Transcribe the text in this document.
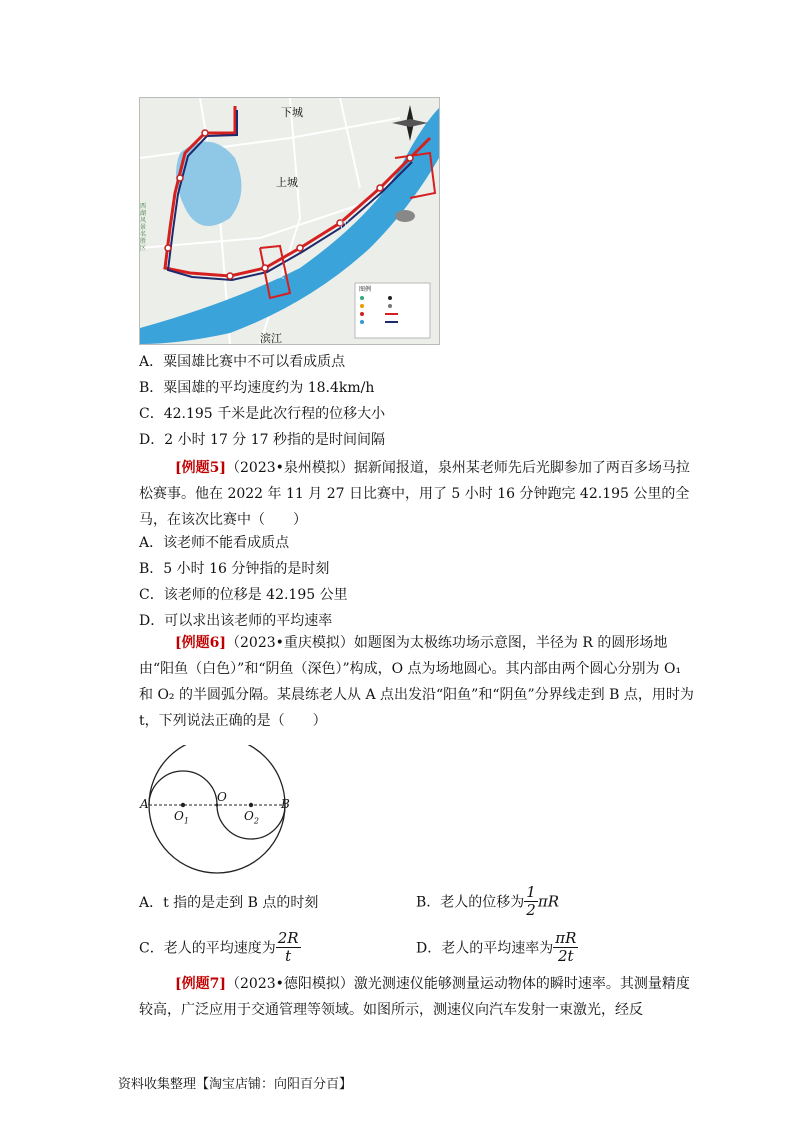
下城
上城
滨江
钱
江
图例
西湖风景名胜区
A．粟国雄比赛中不可以看成质点
B．粟国雄的平均速度约为 18.4km/h
C．42.195 千米是此次行程的位移大小
D．2 小时 17 分 17 秒指的是时间间隔
[例题5]（2023•泉州模拟）据新闻报道，泉州某老师先后光脚参加了两百多场马拉松赛事。他在 2022 年 11 月 27 日比赛中，用了 5 小时 16 分钟跑完 42.195 公里的全马，在该次比赛中（　　）
A．该老师不能看成质点
B．5 小时 16 分钟指的是时刻
C．该老师的位移是 42.195 公里
D．可以求出该老师的平均速率
[例题6]（2023•重庆模拟）如题图为太极练功场示意图，半径为 R 的圆形场地由“阳鱼（白色）”和“阴鱼（深色）”构成，O 点为场地圆心。其内部由两个圆心分别为 O₁ 和 O₂ 的半圆弧分隔。某晨练老人从 A 点出发沿“阳鱼”和“阴鱼”分界线走到 B 点，用时为 t，下列说法正确的是（　　）
A	B
O
$O_1$	$O_2$
A．t 指的是走到 B 点的时刻	B．老人的位移为 $\frac{1}{2}$ πR
C．老人的平均速度为 $\frac{2R}{t}$	D．老人的平均速率为 $\frac{\pi R}{2t}$
[例题7]（2023•德阳模拟）激光测速仪能够测量运动物体的瞬时速率。其测量精度较高，广泛应用于交通管理等领域。如图所示，测速仪向汽车发射一束激光，经反
资料收集整理【淘宝店铺：向阳百分百】
